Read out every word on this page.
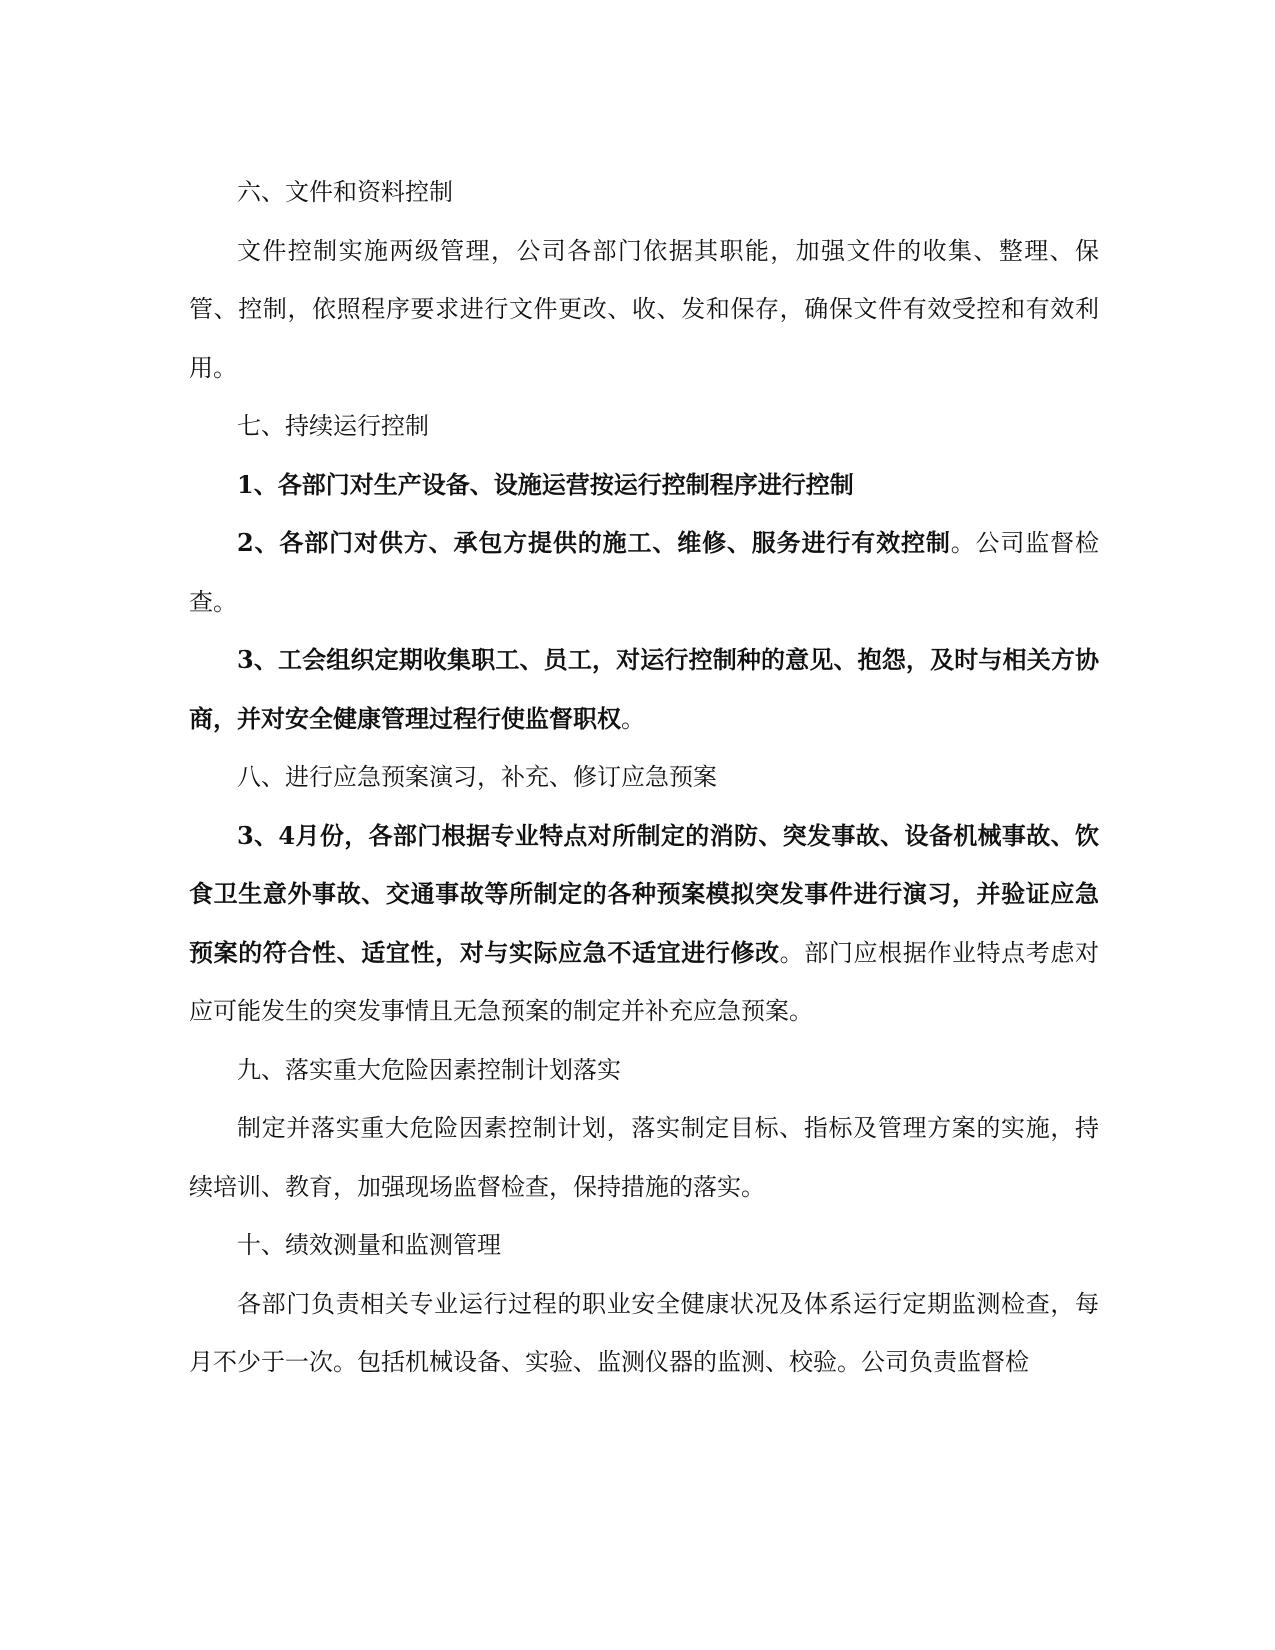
六、文件和资料控制

文件控制实施两级管理，公司各部门依据其职能，加强文件的收集、整理、保管、控制，依照程序要求进行文件更改、收、发和保存，确保文件有效受控和有效利用。

七、持续运行控制

1、各部门对生产设备、设施运营按运行控制程序进行控制

2、各部门对供方、承包方提供的施工、维修、服务进行有效控制。公司监督检查。

3、工会组织定期收集职工、员工，对运行控制种的意见、抱怨，及时与相关方协商，并对安全健康管理过程行使监督职权。

八、进行应急预案演习，补充、修订应急预案

3、4月份，各部门根据专业特点对所制定的消防、突发事故、设备机械事故、饮食卫生意外事故、交通事故等所制定的各种预案模拟突发事件进行演习，并验证应急预案的符合性、适宜性，对与实际应急不适宜进行修改。部门应根据作业特点考虑对应可能发生的突发事情且无急预案的制定并补充应急预案。

九、落实重大危险因素控制计划落实

制定并落实重大危险因素控制计划，落实制定目标、指标及管理方案的实施，持续培训、教育，加强现场监督检查，保持措施的落实。

十、绩效测量和监测管理

各部门负责相关专业运行过程的职业安全健康状况及体系运行定期监测检查，每月不少于一次。包括机械设备、实验、监测仪器的监测、校验。公司负责监督检
